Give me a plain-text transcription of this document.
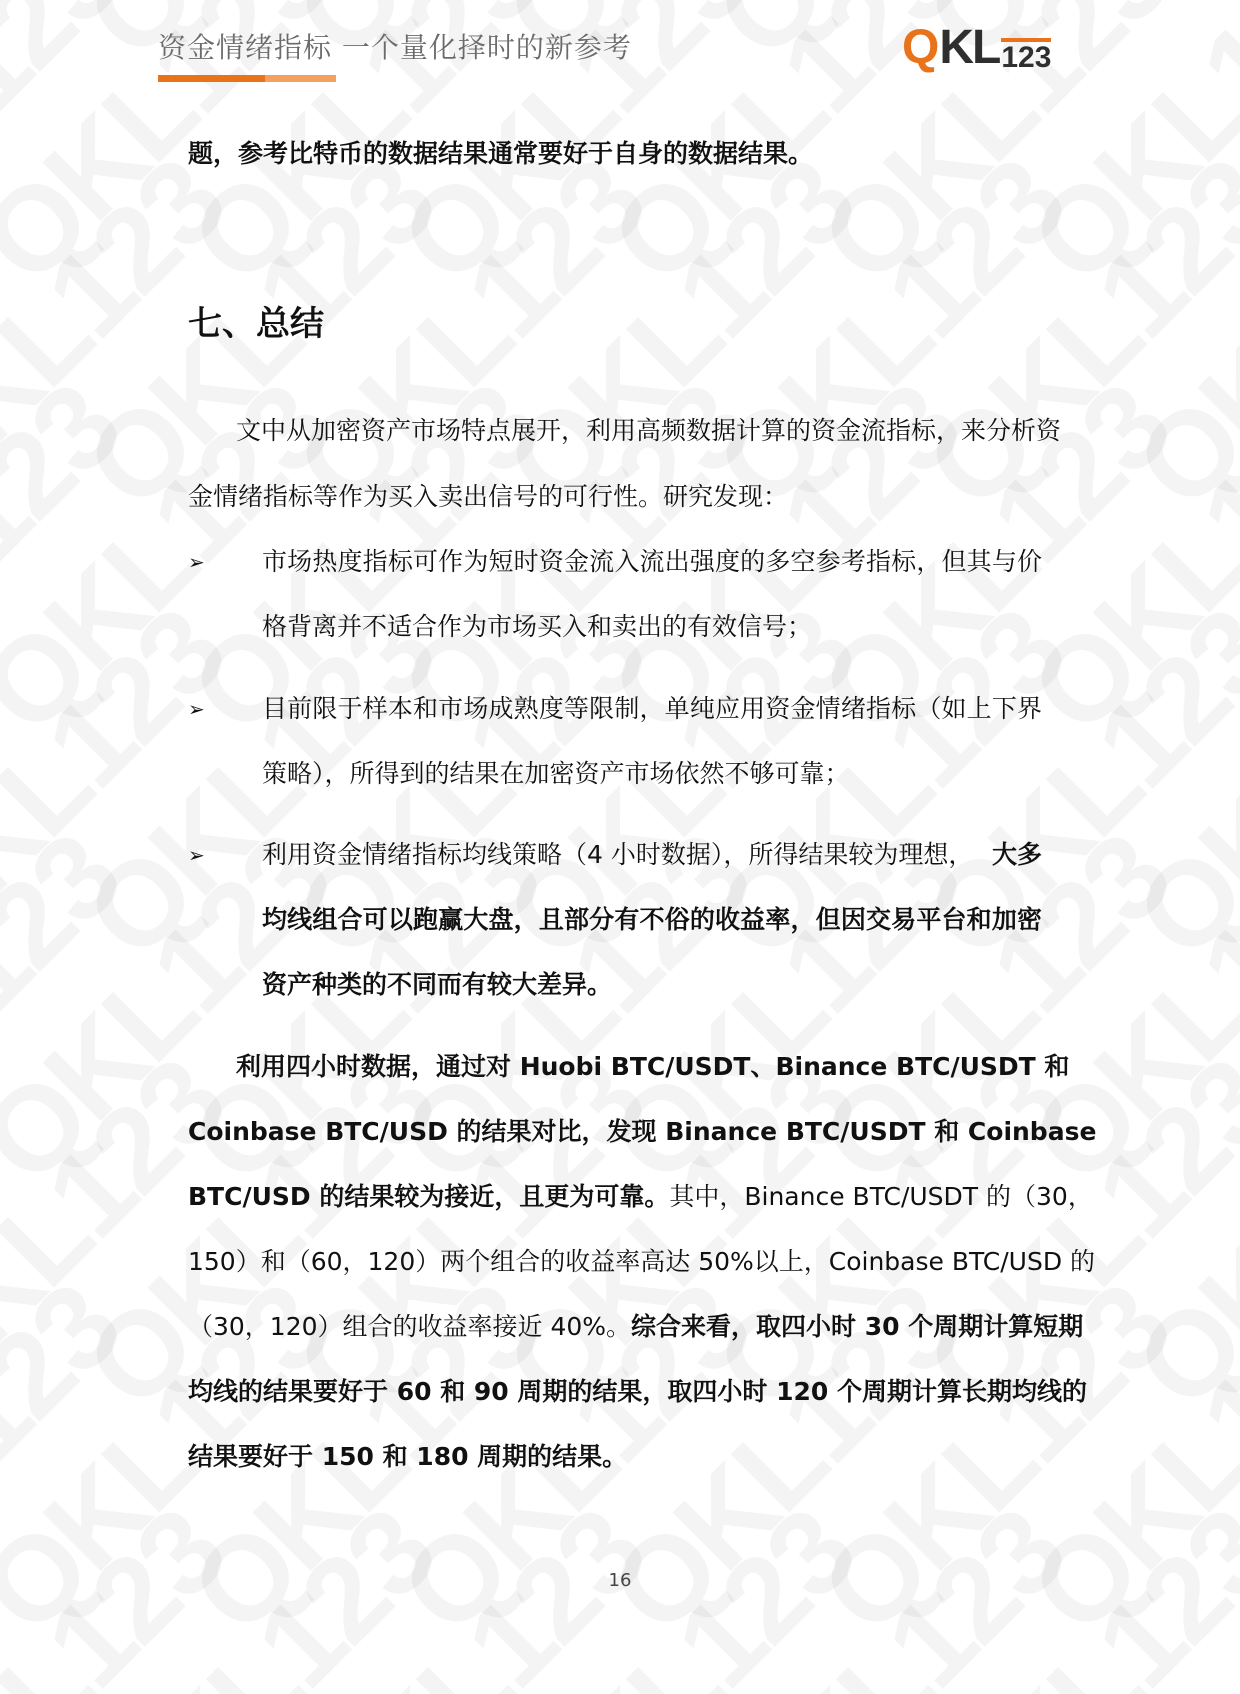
资金情绪指标 一个量化择时的新参考	Q KL 123
题，参考比特币的数据结果通常要好于自身的数据结果。
七、总结
文中从加密资产市场特点展开，利用高频数据计算的资金流指标，来分析资
金情绪指标等作为买入卖出信号的可行性。研究发现：
➢ 市场热度指标可作为短时资金流入流出强度的多空参考指标，但其与价
格背离并不适合作为市场买入和卖出的有效信号；
➢ 目前限于样本和市场成熟度等限制，单纯应用资金情绪指标（如上下界
策略），所得到的结果在加密资产市场依然不够可靠；
➢ 利用资金情绪指标均线策略（4 小时数据），所得结果较为理想， 大多
均线组合可以跑赢大盘，且部分有不俗的收益率，但因交易平台和加密
资产种类的不同而有较大差异。
利用四小时数据，通过对 Huobi BTC/USDT、Binance BTC/USDT 和
Coinbase BTC/USD 的结果对比，发现 Binance BTC/USDT 和 Coinbase
BTC/USD 的结果较为接近，且更为可靠。 其中，Binance BTC/USDT 的（30，
150）和（60，120）两个组合的收益率高达 50%以上，Coinbase BTC/USD 的
（30，120）组合的收益率接近 40%。 综合来看，取四小时 30 个周期计算短期
均线的结果要好于 60 和 90 周期的结果，取四小时 120 个周期计算长期均线的
结果要好于 150 和 180 周期的结果。
16
